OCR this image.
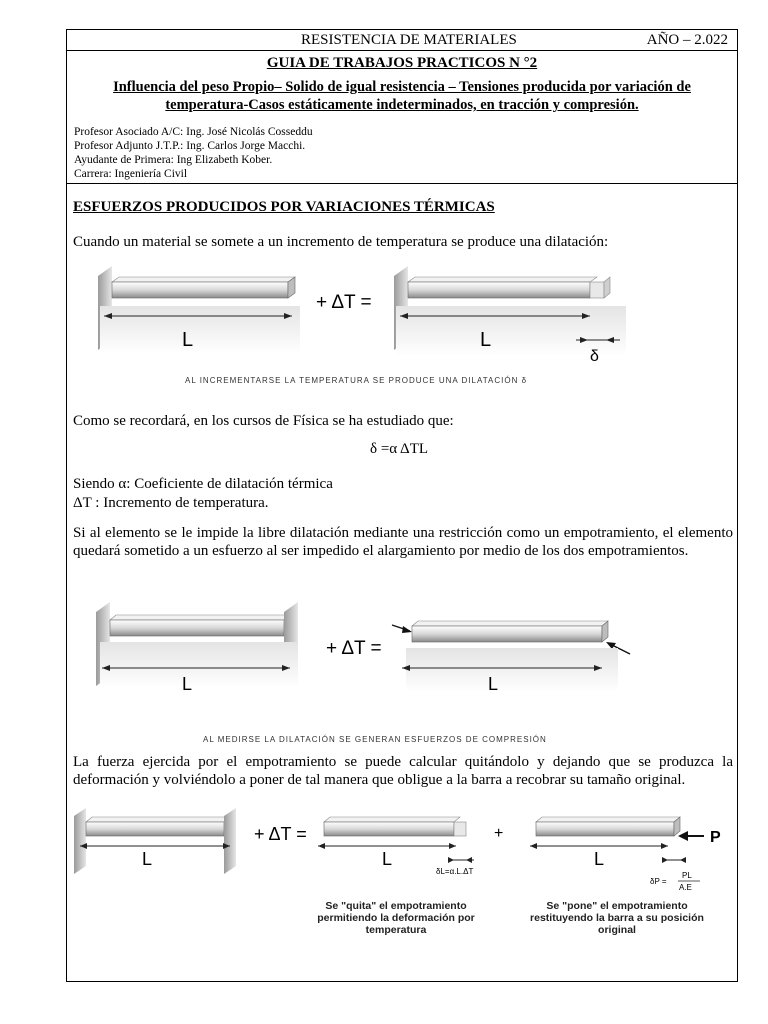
RESISTENCIA DE MATERIALES	AÑO – 2.022
GUIA DE TRABAJOS PRACTICOS N °2
Influencia del peso Propio– Solido de igual resistencia – Tensiones producida por variación de temperatura-Casos estáticamente indeterminados, en tracción y compresión.
Profesor Asociado A/C: Ing. José Nicolás Cosseddu
Profesor Adjunto J.T.P.: Ing. Carlos Jorge Macchi.
Ayudante de Primera: Ing Elizabeth Kober.
Carrera: Ingeniería Civil
ESFUERZOS PRODUCIDOS POR VARIACIONES TÉRMICAS
Cuando un material se somete a un incremento de temperatura se produce una dilatación:
L
+ ΔT =
L
δ
AL INCREMENTARSE LA TEMPERATURA SE PRODUCE UNA DILATACIÓN δ
Como se recordará, en los cursos de Física se ha estudiado que:
δ =α ΔTL
Siendo α: Coeficiente de dilatación térmica
ΔT : Incremento de temperatura.
Si al elemento se le impide la libre dilatación mediante una restricción como un empotramiento, el elemento quedará sometido a un esfuerzo al ser impedido el alargamiento por medio de los dos empotramientos.
L
+ ΔT =
L
AL MEDIRSE LA DILATACIÓN SE GENERAN ESFUERZOS DE COMPRESIÓN
La fuerza ejercida por el empotramiento se puede calcular quitándolo y dejando que se produzca la deformación y volviéndolo a poner de tal manera que obligue a la barra a recobrar su tamaño original.
L
+ ΔT =
L
δL=α.L.ΔT
+	P
L
δP =
PL
A.E
Se "quita" el empotramiento
permitiendo la deformación por
temperatura
Se "pone" el empotramiento
restituyendo la barra a su posición
original
